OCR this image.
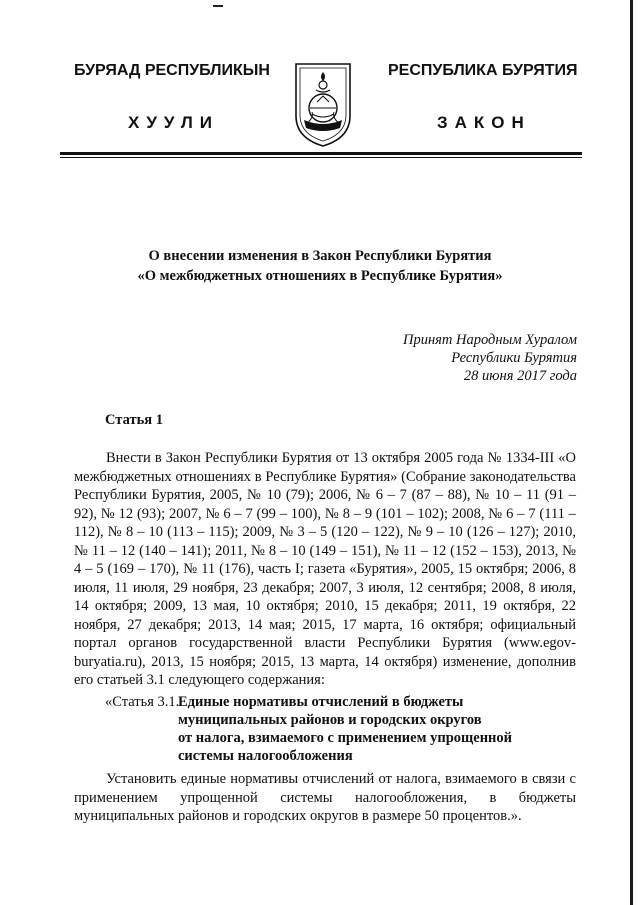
БУРЯАД РЕСПУБЛИКЫН	РЕСПУБЛИКА БУРЯТИЯ
ХУУЛИ	ЗАКОН
О внесении изменения в Закон Республики Бурятия
«О межбюджетных отношениях в Республике Бурятия»
Принят Народным Хуралом
Республики Бурятия
28 июня 2017 года
Статья 1

Внести в Закон Республики Бурятия от 13 октября 2005 года № 1334-III «О межбюджетных отношениях в Республике Бурятия» (Собрание законодательства Республики Бурятия, 2005, № 10 (79); 2006, № 6 – 7 (87 – 88), № 10 – 11 (91 – 92), № 12 (93); 2007, № 6 – 7 (99 – 100), № 8 – 9 (101 – 102); 2008, № 6 – 7 (111 – 112), № 8 – 10 (113 – 115); 2009, № 3 – 5 (120 – 122), № 9 – 10 (126 – 127); 2010, № 11 – 12 (140 – 141); 2011, № 8 – 10 (149 – 151), № 11 – 12 (152 – 153), 2013, № 4 – 5 (169 – 170), № 11 (176), часть I; газета «Бурятия», 2005, 15 октября; 2006, 8 июля, 11 июля, 29 ноября, 23 декабря; 2007, 3 июля, 12 сентября; 2008, 8 июля, 14 октября; 2009, 13 мая, 10 октября; 2010, 15 декабря; 2011, 19 октября, 22 ноября, 27 декабря; 2013, 14 мая; 2015, 17 марта, 16 октября; официальный портал органов государственной власти Республики Бурятия (www.egov-buryatia.ru), 2013, 15 ноября; 2015, 13 марта, 14 октября) изменение, дополнив его статьей 3.1 следующего содержания:

«Статья 3.1.
Единые нормативы отчислений в бюджеты
муниципальных районов и городских округов
от налога, взимаемого с применением упрощенной
системы налогообложения

Установить единые нормативы отчислений от налога, взимаемого в связи с применением упрощенной системы налогообложения, в бюджеты муниципальных районов и городских округов в размере 50 процентов.».
